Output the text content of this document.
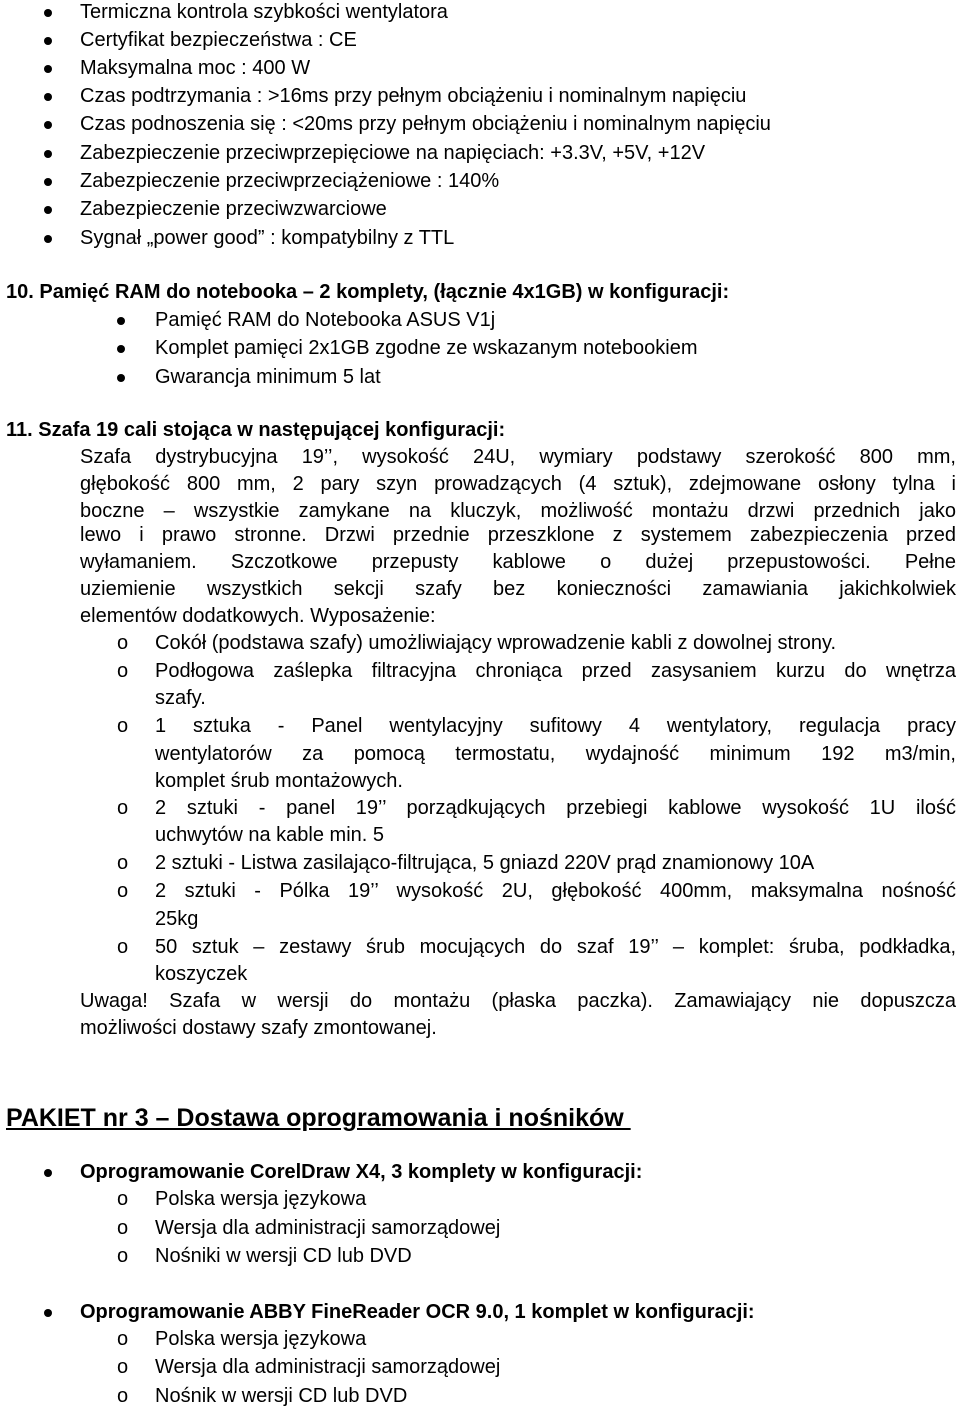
Termiczna kontrola szybkości wentylatora
Certyfikat bezpieczeństwa : CE
Maksymalna moc : 400 W
Czas podtrzymania : >16ms przy pełnym obciążeniu i nominalnym napięciu
Czas podnoszenia się : <20ms przy pełnym obciążeniu i nominalnym napięciu
Zabezpieczenie przeciwprzepięciowe na napięciach: +3.3V, +5V, +12V
Zabezpieczenie przeciwprzeciążeniowe : 140%
Zabezpieczenie przeciwzwarciowe
Sygnał „power good” : kompatybilny z TTL
10. Pamięć RAM do notebooka – 2 komplety, (łącznie 4x1GB) w konfiguracji:
Pamięć RAM do Notebooka ASUS V1j
Komplet pamięci 2x1GB zgodne ze wskazanym notebookiem
Gwarancja minimum 5 lat
11. Szafa 19 cali stojąca w następującej konfiguracji:
Szafa dystrybucyjna 19’’, wysokość 24U, wymiary podstawy szerokość 800 mm,
głębokość 800 mm, 2 pary szyn prowadzących (4 sztuk), zdejmowane osłony tylna i
boczne – wszystkie zamykane na kluczyk, możliwość montażu drzwi przednich jako
lewo i prawo stronne. Drzwi przednie przeszklone z systemem zabezpieczenia przed
wyłamaniem. Szczotkowe przepusty kablowe o dużej przepustowości. Pełne
uziemienie wszystkich sekcji szafy bez konieczności zamawiania jakichkolwiek
elementów dodatkowych. Wyposażenie:
o Cokół (podstawa szafy) umożliwiający wprowadzenie kabli z dowolnej strony.
o Podłogowa zaślepka filtracyjna chroniąca przed zasysaniem kurzu do wnętrza
szafy.
o 1 sztuka - Panel wentylacyjny sufitowy 4 wentylatory, regulacja pracy
wentylatorów za pomocą termostatu, wydajność minimum 192 m3/min,
komplet śrub montażowych.
o 2 sztuki - panel 19’’ porządkujących przebiegi kablowe wysokość 1U ilość
uchwytów na kable min. 5
o 2 sztuki - Listwa zasilająco-filtrująca, 5 gniazd 220V prąd znamionowy 10A
o 2 sztuki - Pólka 19’’ wysokość 2U, głębokość 400mm, maksymalna nośność
25kg
o 50 sztuk – zestawy śrub mocujących do szaf 19’’ – komplet: śruba, podkładka,
koszyczek
Uwaga! Szafa w wersji do montażu (płaska paczka). Zamawiający nie dopuszcza
możliwości dostawy szafy zmontowanej.
PAKIET nr 3 – Dostawa oprogramowania i nośników
Oprogramowanie CorelDraw X4, 3 komplety w konfiguracji:
o Polska wersja językowa
o Wersja dla administracji samorządowej
o Nośniki w wersji CD lub DVD
Oprogramowanie ABBY FineReader OCR 9.0, 1 komplet w konfiguracji:
o Polska wersja językowa
o Wersja dla administracji samorządowej
o Nośnik w wersji CD lub DVD
